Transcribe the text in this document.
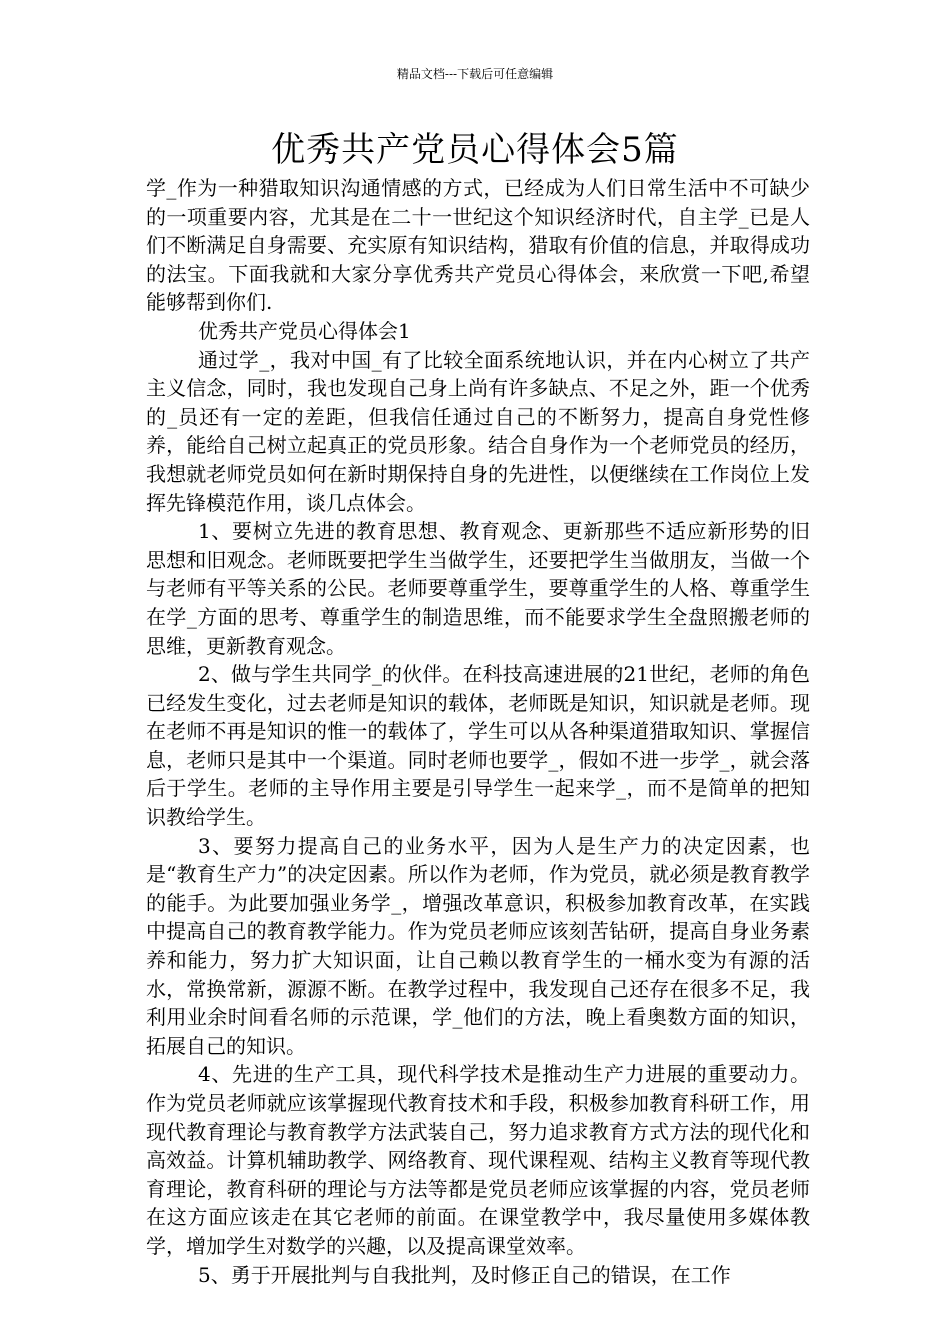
精品文档---下载后可任意编辑
优秀共产党员心得体会5篇

学_作为一种猎取知识沟通情感的方式，已经成为人们日常生活中不可缺少的一项重要内容，尤其是在二十一世纪这个知识经济时代，自主学_已是人们不断满足自身需要、充实原有知识结构，猎取有价值的信息，并取得成功的法宝。下面我就和大家分享优秀共产党员心得体会，来欣赏一下吧,希望能够帮到你们.

优秀共产党员心得体会1

通过学_，我对中国_有了比较全面系统地认识，并在内心树立了共产主义信念，同时，我也发现自己身上尚有许多缺点、不足之外，距一个优秀的_员还有一定的差距，但我信任通过自己的不断努力，提高自身党性修养，能给自己树立起真正的党员形象。结合自身作为一个老师党员的经历，我想就老师党员如何在新时期保持自身的先进性，以便继续在工作岗位上发挥先锋模范作用，谈几点体会。

1、要树立先进的教育思想、教育观念、更新那些不适应新形势的旧思想和旧观念。老师既要把学生当做学生，还要把学生当做朋友，当做一个与老师有平等关系的公民。老师要尊重学生，要尊重学生的人格、尊重学生在学_方面的思考、尊重学生的制造思维，而不能要求学生全盘照搬老师的思维，更新教育观念。

2、做与学生共同学_的伙伴。在科技高速进展的21世纪，老师的角色已经发生变化，过去老师是知识的载体，老师既是知识，知识就是老师。现在老师不再是知识的惟一的载体了，学生可以从各种渠道猎取知识、掌握信息，老师只是其中一个渠道。同时老师也要学_，假如不进一步学_，就会落后于学生。老师的主导作用主要是引导学生一起来学_，而不是简单的把知识教给学生。

3、要努力提高自己的业务水平，因为人是生产力的决定因素，也是“教育生产力”的决定因素。所以作为老师，作为党员，就必须是教育教学的能手。为此要加强业务学_，增强改革意识，积极参加教育改革，在实践中提高自己的教育教学能力。作为党员老师应该刻苦钻研，提高自身业务素养和能力，努力扩大知识面，让自己赖以教育学生的一桶水变为有源的活水，常换常新，源源不断。在教学过程中，我发现自己还存在很多不足，我利用业余时间看名师的示范课，学_他们的方法，晚上看奥数方面的知识，拓展自己的知识。

4、先进的生产工具，现代科学技术是推动生产力进展的重要动力。作为党员老师就应该掌握现代教育技术和手段，积极参加教育科研工作，用现代教育理论与教育教学方法武装自己，努力追求教育方式方法的现代化和高效益。计算机辅助教学、网络教育、现代课程观、结构主义教育等现代教育理论，教育科研的理论与方法等都是党员老师应该掌握的内容，党员老师在这方面应该走在其它老师的前面。在课堂教学中，我尽量使用多媒体教学，增加学生对数学的兴趣，以及提高课堂效率。

5、勇于开展批判与自我批判，及时修正自己的错误，在工作
